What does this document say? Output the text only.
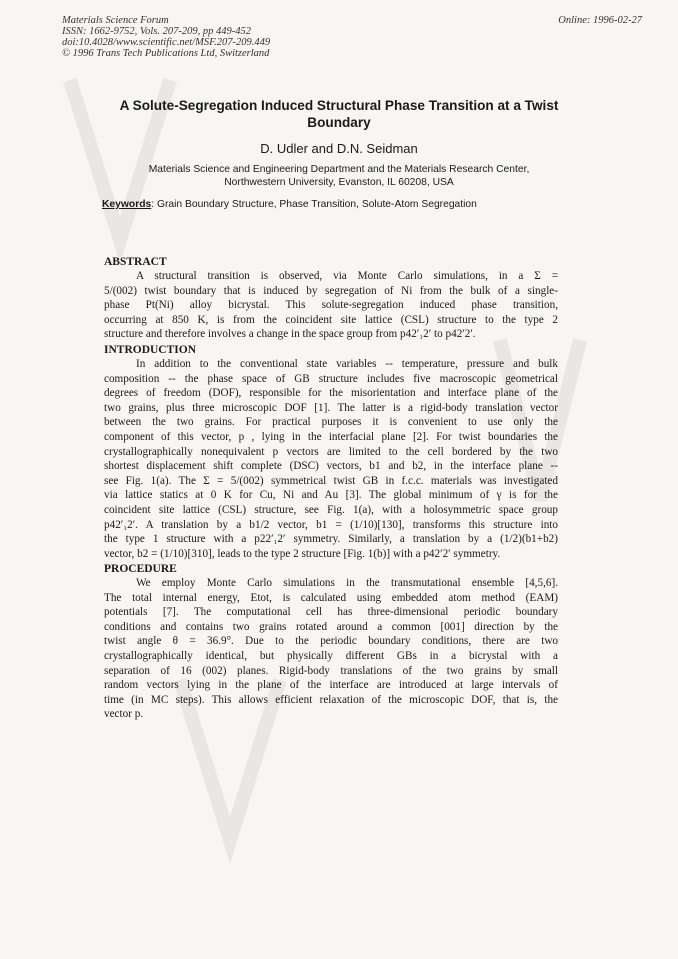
Materials Science Forum
ISSN: 1662-9752, Vols. 207-209, pp 449-452
doi:10.4028/www.scientific.net/MSF.207-209.449
© 1996 Trans Tech Publications Ltd, Switzerland
Online: 1996-02-27
A Solute-Segregation Induced Structural Phase Transition at a Twist Boundary
D. Udler and D.N. Seidman
Materials Science and Engineering Department and the Materials Research Center,
Northwestern University, Evanston, IL 60208, USA
Keywords: Grain Boundary Structure, Phase Transition, Solute-Atom Segregation
ABSTRACT
A structural transition is observed, via Monte Carlo simulations, in a Σ =
5/(002) twist boundary that is induced by segregation of Ni from the bulk of a single-
phase Pt(Ni) alloy bicrystal. This solute-segregation induced phase transition,
occurring at 850 K, is from the coincident site lattice (CSL) structure to the type 2
structure and therefore involves a change in the space group from p42′₁2′ to p42′2′.
INTRODUCTION
In addition to the conventional state variables -- temperature, pressure and bulk
composition -- the phase space of GB structure includes five macroscopic geometrical
degrees of freedom (DOF), responsible for the misorientation and interface plane of the
two grains, plus three microscopic DOF [1]. The latter is a rigid-body translation vector
between the two grains. For practical purposes it is convenient to use only the
component of this vector, p , lying in the interfacial plane [2]. For twist boundaries the
crystallographically nonequivalent p vectors are limited to the cell bordered by the two
shortest displacement shift complete (DSC) vectors, b1 and b2, in the interface plane --
see Fig. 1(a). The Σ = 5/(002) symmetrical twist GB in f.c.c. materials was investigated
via lattice statics at 0 K for Cu, Ni and Au [3]. The global minimum of γ is for the
coincident site lattice (CSL) structure, see Fig. 1(a), with a holosymmetric space group
p42′₁2′. A translation by a b1/2 vector, b1 = (1/10)[130], transforms this structure into
the type 1 structure with a p22′₁2′ symmetry. Similarly, a translation by a (1/2)(b1+b2)
vector, b2 = (1/10)[310], leads to the type 2 structure [Fig. 1(b)] with a p42′2′ symmetry.
PROCEDURE
We employ Monte Carlo simulations in the transmutational ensemble [4,5,6].
The total internal energy, Etot, is calculated using embedded atom method (EAM)
potentials [7]. The computational cell has three-dimensional periodic boundary
conditions and contains two grains rotated around a common [001] direction by the
twist angle θ = 36.9°. Due to the periodic boundary conditions, there are two
crystallographically identical, but physically different GBs in a bicrystal with a
separation of 16 (002) planes. Rigid-body translations of the two grains by small
random vectors lying in the plane of the interface are introduced at large intervals of
time (in MC steps). This allows efficient relaxation of the microscopic DOF, that is, the
vector p.
